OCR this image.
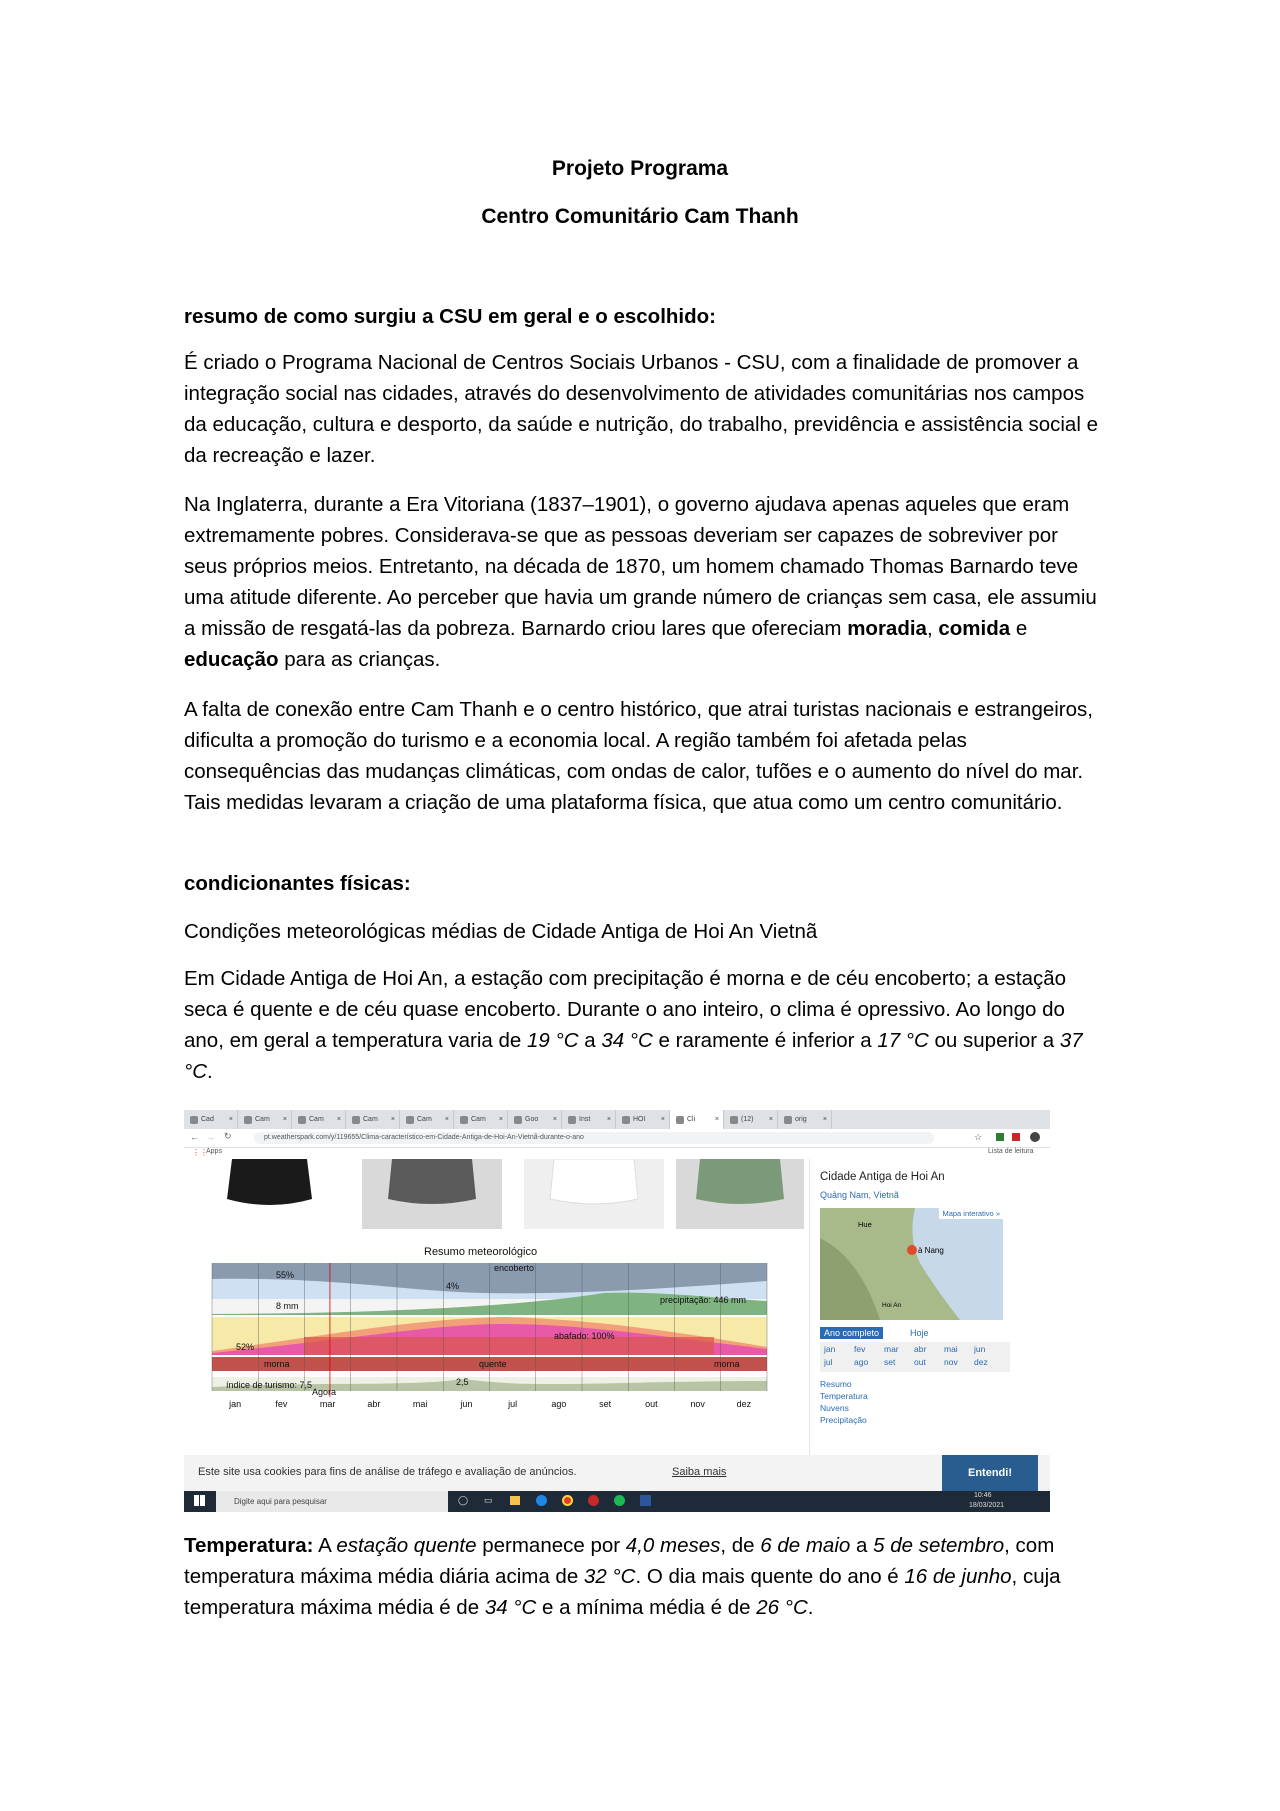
Projeto Programa
Centro Comunitário Cam Thanh
resumo de como surgiu a CSU em geral e o escolhido:
É criado o Programa Nacional de Centros Sociais Urbanos - CSU, com a finalidade de promover a integração social nas cidades, através do desenvolvimento de atividades comunitárias nos campos da educação, cultura e desporto, da saúde e nutrição, do trabalho, previdência e assistência social e da recreação e lazer.
Na Inglaterra, durante a Era Vitoriana (1837–1901), o governo ajudava apenas aqueles que eram extremamente pobres. Considerava-se que as pessoas deveriam ser capazes de sobreviver por seus próprios meios. Entretanto, na década de 1870, um homem chamado Thomas Barnardo teve uma atitude diferente. Ao perceber que havia um grande número de crianças sem casa, ele assumiu a missão de resgatá-las da pobreza. Barnardo criou lares que ofereciam moradia, comida e educação para as crianças.
A falta de conexão entre Cam Thanh e o centro histórico, que atrai turistas nacionais e estrangeiros, dificulta a promoção do turismo e a economia local. A região também foi afetada pelas consequências das mudanças climáticas, com ondas de calor, tufões e o aumento do nível do mar. Tais medidas levaram a criação de uma plataforma física, que atua como um centro comunitário.
condicionantes físicas:
Condições meteorológicas médias de Cidade Antiga de Hoi An Vietnã
Em Cidade Antiga de Hoi An, a estação com precipitação é morna e de céu encoberto; a estação seca é quente e de céu quase encoberto. Durante o ano inteiro, o clima é opressivo. Ao longo do ano, em geral a temperatura varia de 19 °C a 34 °C e raramente é inferior a 17 °C ou superior a 37 °C.
Cad ×	Cam ×	Cam ×	Cam ×	Cam ×	Cam ×	Goo ×	Inst ×	HOI ×	Cli	×	(12) ×	orig ×
← → ↻	pt.weatherspark.com/y/119655/Clima-característico-em-Cidade-Antiga-de-Hoi-An-Vietnã-durante-o-ano	☆
⋮⋮
Apps	Lista de leitura
Resumo meteorológico
55%
4%
encoberto
8 mm
precipitação: 446 mm
52%
abafado: 100%
morna	quente	morna
índice de turismo: 7,5	2,5
Agora
jan	fev	mar	abr	mai	jun	jul	ago	set	out	nov	dez
Cidade Antiga de Hoi An
Quảng Nam, Vietnã
Mapa interativo »
Hue
à Nang
Hoi An
Ano completo	Hoje
jan fev mar abr mai jun
jul	ago set out nov dez
Resumo
Temperatura
Nuvens
Precipitação
Este site usa cookies para fins de análise de tráfego e avaliação de anúncios.	Saiba mais	Entendi!
Digite aqui para pesquisar	◯ ▭	10:46
18/03/2021
Temperatura: A estação quente permanece por 4,0 meses, de 6 de maio a 5 de setembro, com temperatura máxima média diária acima de 32 °C. O dia mais quente do ano é 16 de junho, cuja temperatura máxima média é de 34 °C e a mínima média é de 26 °C.
